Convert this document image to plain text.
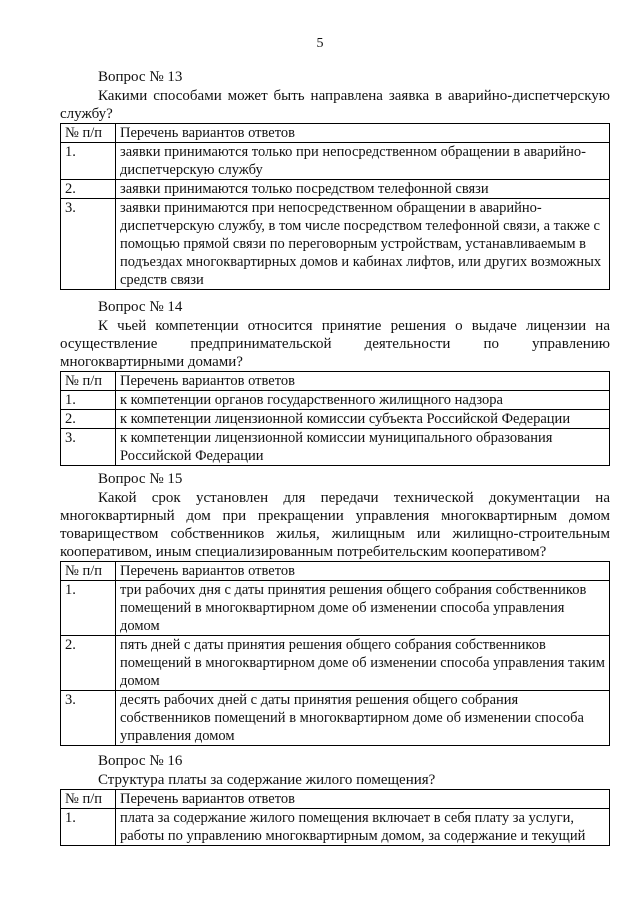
5

Вопрос № 13

Какими способами может быть направлена заявка в аварийно-диспетчерскую службу?

№ п/п	Перечень вариантов ответов
1.	заявки принимаются только при непосредственном обращении в аварийно-диспетчерскую службу
2.	заявки принимаются только посредством телефонной связи
3.	заявки принимаются при непосредственном обращении в аварийно-диспетчерскую службу, в том числе посредством телефонной связи, а также с помощью прямой связи по переговорным устройствам, устанавливаемым в подъездах многоквартирных домов и кабинах лифтов, или других возможных средств связи

Вопрос № 14

К чьей компетенции относится принятие решения о выдаче лицензии на осуществление предпринимательской деятельности по управлению многоквартирными домами?

№ п/п	Перечень вариантов ответов
1.	к компетенции органов государственного жилищного надзора
2.	к компетенции лицензионной комиссии субъекта Российской Федерации
3.	к компетенции лицензионной комиссии муниципального образования Российской Федерации

Вопрос № 15

Какой срок установлен для передачи технической документации на многоквартирный дом при прекращении управления многоквартирным домом товариществом собственников жилья, жилищным или жилищно-строительным кооперативом, иным специализированным потребительским кооперативом?

№ п/п	Перечень вариантов ответов
1.	три рабочих дня с даты принятия решения общего собрания собственников помещений в многоквартирном доме об изменении способа управления домом
2.	пять дней с даты принятия решения общего собрания собственников помещений в многоквартирном доме об изменении способа управления таким домом
3.	десять рабочих дней с даты принятия решения общего собрания собственников помещений в многоквартирном доме об изменении способа управления домом

Вопрос № 16

Структура платы за содержание жилого помещения?

№ п/п	Перечень вариантов ответов
1.	плата за содержание жилого помещения включает в себя плату за услуги, работы по управлению многоквартирным домом, за содержание и текущий
